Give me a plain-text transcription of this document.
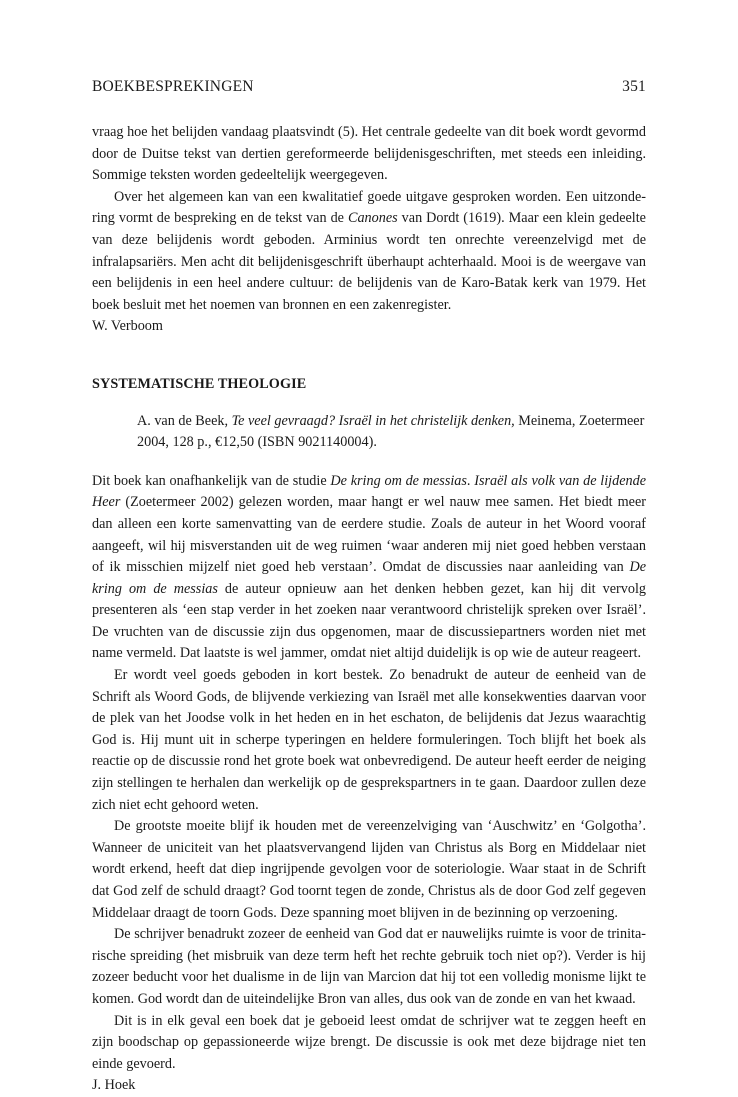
BOEKBESPREKINGEN	351

vraag hoe het belijden vandaag plaatsvindt (5). Het centrale gedeelte van dit boek wordt gevormd door de Duitse tekst van dertien gereformeerde belijdenisgeschriften, met steeds een inleiding. Sommige teksten worden gedeeltelijk weergegeven.

Over het algemeen kan van een kwalitatief goede uitgave gesproken worden. Een uitzondering vormt de bespreking en de tekst van de Canones van Dordt (1619). Maar een klein gedeelte van deze belijdenis wordt geboden. Arminius wordt ten onrechte vereenzelvigd met de infralapsariërs. Men acht dit belijdenisgeschrift überhaupt achterhaald. Mooi is de weergave van een belijdenis in een heel andere cultuur: de belijdenis van de Karo-Batak kerk van 1979. Het boek besluit met het noemen van bronnen en een zakenregister.

W. Verboom

SYSTEMATISCHE THEOLOGIE

A. van de Beek, Te veel gevraagd? Israël in het christelijk denken, Meinema, Zoetermeer 2004, 128 p., €12,50 (ISBN 9021140004).

Dit boek kan onafhankelijk van de studie De kring om de messias. Israël als volk van de lijdende Heer (Zoetermeer 2002) gelezen worden, maar hangt er wel nauw mee samen. Het biedt meer dan alleen een korte samenvatting van de eerdere studie. Zoals de auteur in het Woord vooraf aangeeft, wil hij misverstanden uit de weg ruimen ‘waar anderen mij niet goed hebben verstaan of ik misschien mijzelf niet goed heb verstaan’. Omdat de discussies naar aanleiding van De kring om de messias de auteur opnieuw aan het denken hebben gezet, kan hij dit vervolg presenteren als ‘een stap verder in het zoeken naar verantwoord christelijk spreken over Israël’. De vruchten van de discussie zijn dus opgenomen, maar de discussiepartners worden niet met name vermeld. Dat laatste is wel jammer, omdat niet altijd duidelijk is op wie de auteur reageert.

Er wordt veel goeds geboden in kort bestek. Zo benadrukt de auteur de eenheid van de Schrift als Woord Gods, de blijvende verkiezing van Israël met alle konsekwenties daarvan voor de plek van het Joodse volk in het heden en in het eschaton, de belijdenis dat Jezus waarachtig God is. Hij munt uit in scherpe typeringen en heldere formuleringen. Toch blijft het boek als reactie op de discussie rond het grote boek wat onbevredigend. De auteur heeft eerder de neiging zijn stellingen te herhalen dan werkelijk op de gesprekspartners in te gaan. Daardoor zullen deze zich niet echt gehoord weten.

De grootste moeite blijf ik houden met de vereenzelviging van ‘Auschwitz’ en ‘Golgotha’. Wanneer de uniciteit van het plaatsvervangend lijden van Christus als Borg en Middelaar niet wordt erkend, heeft dat diep ingrijpende gevolgen voor de soteriologie. Waar staat in de Schrift dat God zelf de schuld draagt? God toornt tegen de zonde, Christus als de door God zelf gegeven Middelaar draagt de toorn Gods. Deze spanning moet blijven in de bezinning op verzoening.

De schrijver benadrukt zozeer de eenheid van God dat er nauwelijks ruimte is voor de trinitarische spreiding (het misbruik van deze term heft het rechte gebruik toch niet op?). Verder is hij zozeer beducht voor het dualisme in de lijn van Marcion dat hij tot een volledig monisme lijkt te komen. God wordt dan de uiteindelijke Bron van alles, dus ook van de zonde en van het kwaad.

Dit is in elk geval een boek dat je geboeid leest omdat de schrijver wat te zeggen heeft en zijn boodschap op gepassioneerde wijze brengt. De discussie is ook met deze bijdrage niet ten einde gevoerd.

J. Hoek
